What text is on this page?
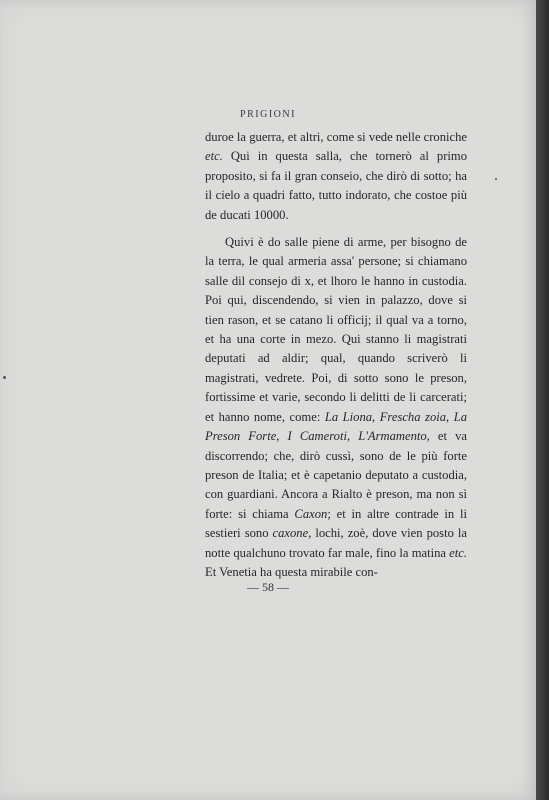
PRIGIONI

duroe la guerra, et altri, come si vede nelle croniche etc. Qui in questa salla, che tornerò al primo proposito, si fa il gran conseio, che dirò di sotto; ha il cielo a quadri fatto, tutto indorato, che costoe più de ducati 10000.

Quivi è do salle piene di arme, per bisogno de la terra, le qual armeria assa' persone; si chiamano salle dil consejo di x, et lhoro le hanno in custodia. Poi qui, discendendo, si vien in palazzo, dove si tien rason, et se catano li officij; il qual va a torno, et ha una corte in mezo. Qui stanno li magistrati deputati ad aldir; qual, quando scriverò li magistrati, vedrete. Poi, di sotto sono le preson, fortissime et varie, secondo li delitti de li carcerati; et hanno nome, come: La Liona, Frescha zoia, La Preson Forte, I Cameroti, L'Armamento, et va discorrendo; che, dirò cussì, sono de le più forte preson de Italia; et è capetanio deputato a custodia, con guardiani. Ancora a Rialto è preson, ma non sì forte: si chiama Caxon; et in altre contrade in li sestieri sono caxone, lochi, zoè, dove vien posto la notte qualchuno trovato far male, fino la matina etc. Et Venetia ha questa mirabile con-

— 58 —
